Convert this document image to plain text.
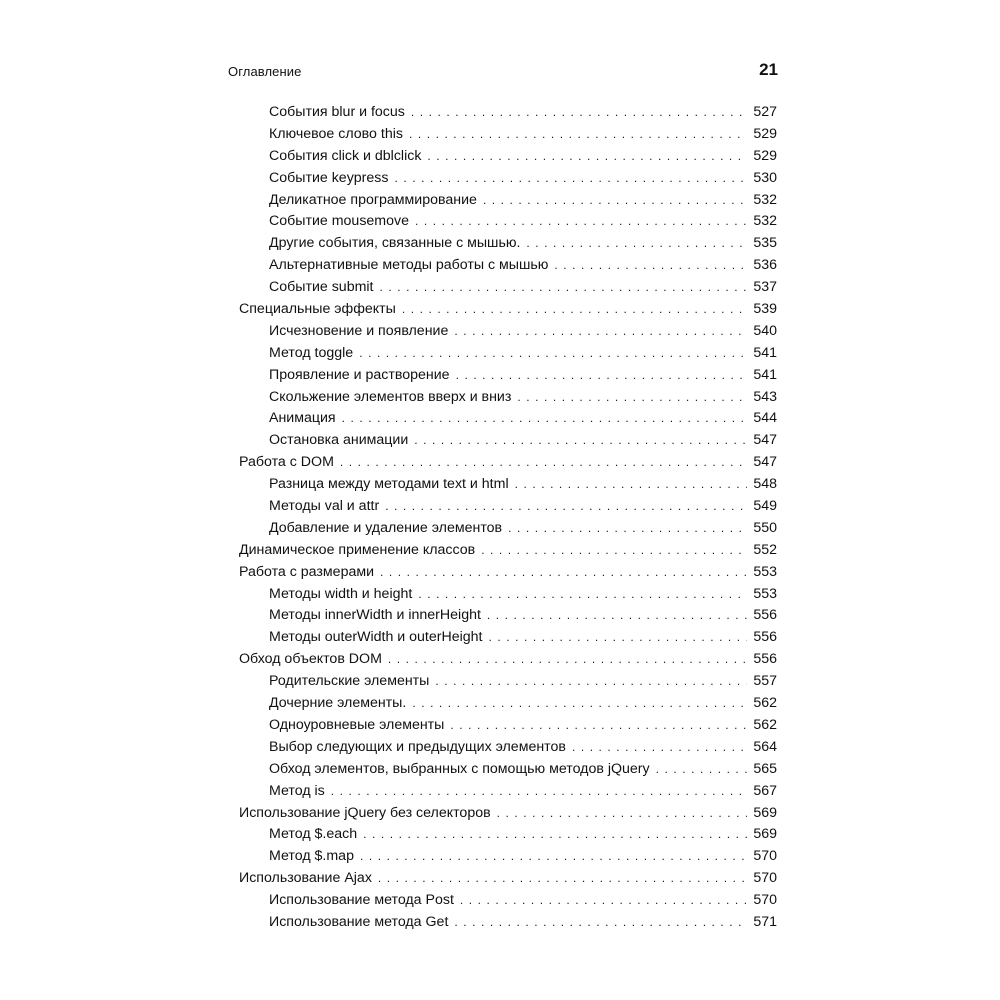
Оглавление	21
События blur и focus . . .	527
Ключевое слово this . . .	529
События click и dblclick . . .	529
Событие keypress . . .	530
Деликатное программирование . . .	532
Событие mousemove . . .	532
Другие события, связанные с мышью. . . .	535
Альтернативные методы работы с мышью . . .	536
Событие submit . . .	537
Специальные эффекты . . .	539
Исчезновение и появление . . .	540
Метод toggle . . .	541
Проявление и растворение . . .	541
Скольжение элементов вверх и вниз . . .	543
Анимация . . .	544
Остановка анимации . . .	547
Работа с DOM . . .	547
Разница между методами text и html . . .	548
Методы val и attr . . .	549
Добавление и удаление элементов . . .	550
Динамическое применение классов . . .	552
Работа с размерами . . .	553
Методы width и height . . .	553
Методы innerWidth и innerHeight . . .	556
Методы outerWidth и outerHeight . . .	556
Обход объектов DOM . . .	556
Родительские элементы . . .	557
Дочерние элементы. . . .	562
Одноуровневые элементы . . .	562
Выбор следующих и предыдущих элементов . . .	564
Обход элементов, выбранных с помощью методов jQuery . . .	565
Метод is . . .	567
Использование jQuery без селекторов . . .	569
Метод $.each . . .	569
Метод $.map . . .	570
Использование Ajax . . .	570
Использование метода Post . . .	570
Использование метода Get . . .	571
